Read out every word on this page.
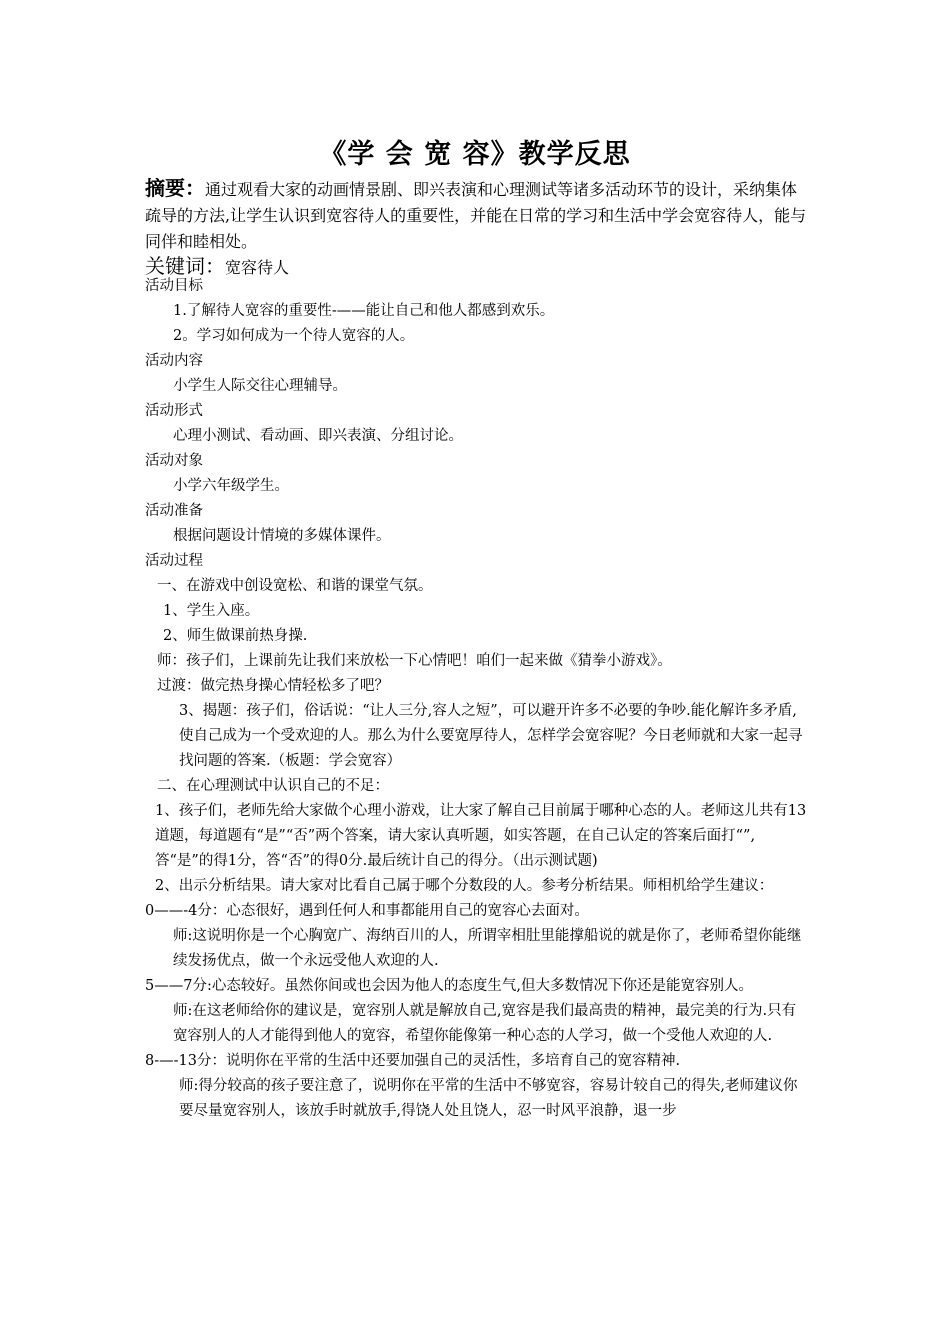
《学 会 宽 容》教学反思
摘要：通过观看大家的动画情景剧、即兴表演和心理测试等诸多活动环节的设计，采纳集体疏导的方法,让学生认识到宽容待人的重要性，并能在日常的学习和生活中学会宽容待人，能与同伴和睦相处。
关键词：宽容待人

活动目标

1.了解待人宽容的重要性-——能让自己和他人都感到欢乐。

2。学习如何成为一个待人宽容的人。

活动内容

小学生人际交往心理辅导。

活动形式

心理小测试、看动画、即兴表演、分组讨论。

活动对象

小学六年级学生。

活动准备

根据问题设计情境的多媒体课件。

活动过程

一、在游戏中创设宽松、和谐的课堂气氛。

1、学生入座。

2、师生做课前热身操.

师：孩子们，上课前先让我们来放松一下心情吧！咱们一起来做《猜拳小游戏》。

过渡：做完热身操心情轻松多了吧？

3、揭题：孩子们，俗话说：“让人三分,容人之短”，可以避开许多不必要的争吵.能化解许多矛盾,使自己成为一个受欢迎的人。那么为什么要宽厚待人，怎样学会宽容呢？今日老师就和大家一起寻找问题的答案.（板题：学会宽容）

二、在心理测试中认识自己的不足：

1、孩子们，老师先给大家做个心理小游戏，让大家了解自己目前属于哪种心态的人。老师这儿共有13道题，每道题有“是”“否”两个答案，请大家认真听题，如实答题，在自己认定的答案后面打“”,答“是”的得1分，答“否”的得0分.最后统计自己的得分。（出示测试题)

2、出示分析结果。请大家对比看自己属于哪个分数段的人。参考分析结果。师相机给学生建议：

0——-4分：心态很好，遇到任何人和事都能用自己的宽容心去面对。

师:这说明你是一个心胸宽广、海纳百川的人，所谓宰相肚里能撑船说的就是你了，老师希望你能继续发扬优点，做一个永远受他人欢迎的人.

5——7分:心态较好。虽然你间或也会因为他人的态度生气,但大多数情况下你还是能宽容别人。

师:在这老师给你的建议是，宽容别人就是解放自己,宽容是我们最高贵的精神，最完美的行为.只有宽容别人的人才能得到他人的宽容，希望你能像第一种心态的人学习，做一个受他人欢迎的人.

8-—-13分：说明你在平常的生活中还要加强自己的灵活性，多培育自己的宽容精神.

师:得分较高的孩子要注意了，说明你在平常的生活中不够宽容，容易计较自己的得失,老师建议你要尽量宽容别人，该放手时就放手,得饶人处且饶人，忍一时风平浪静，退一步
